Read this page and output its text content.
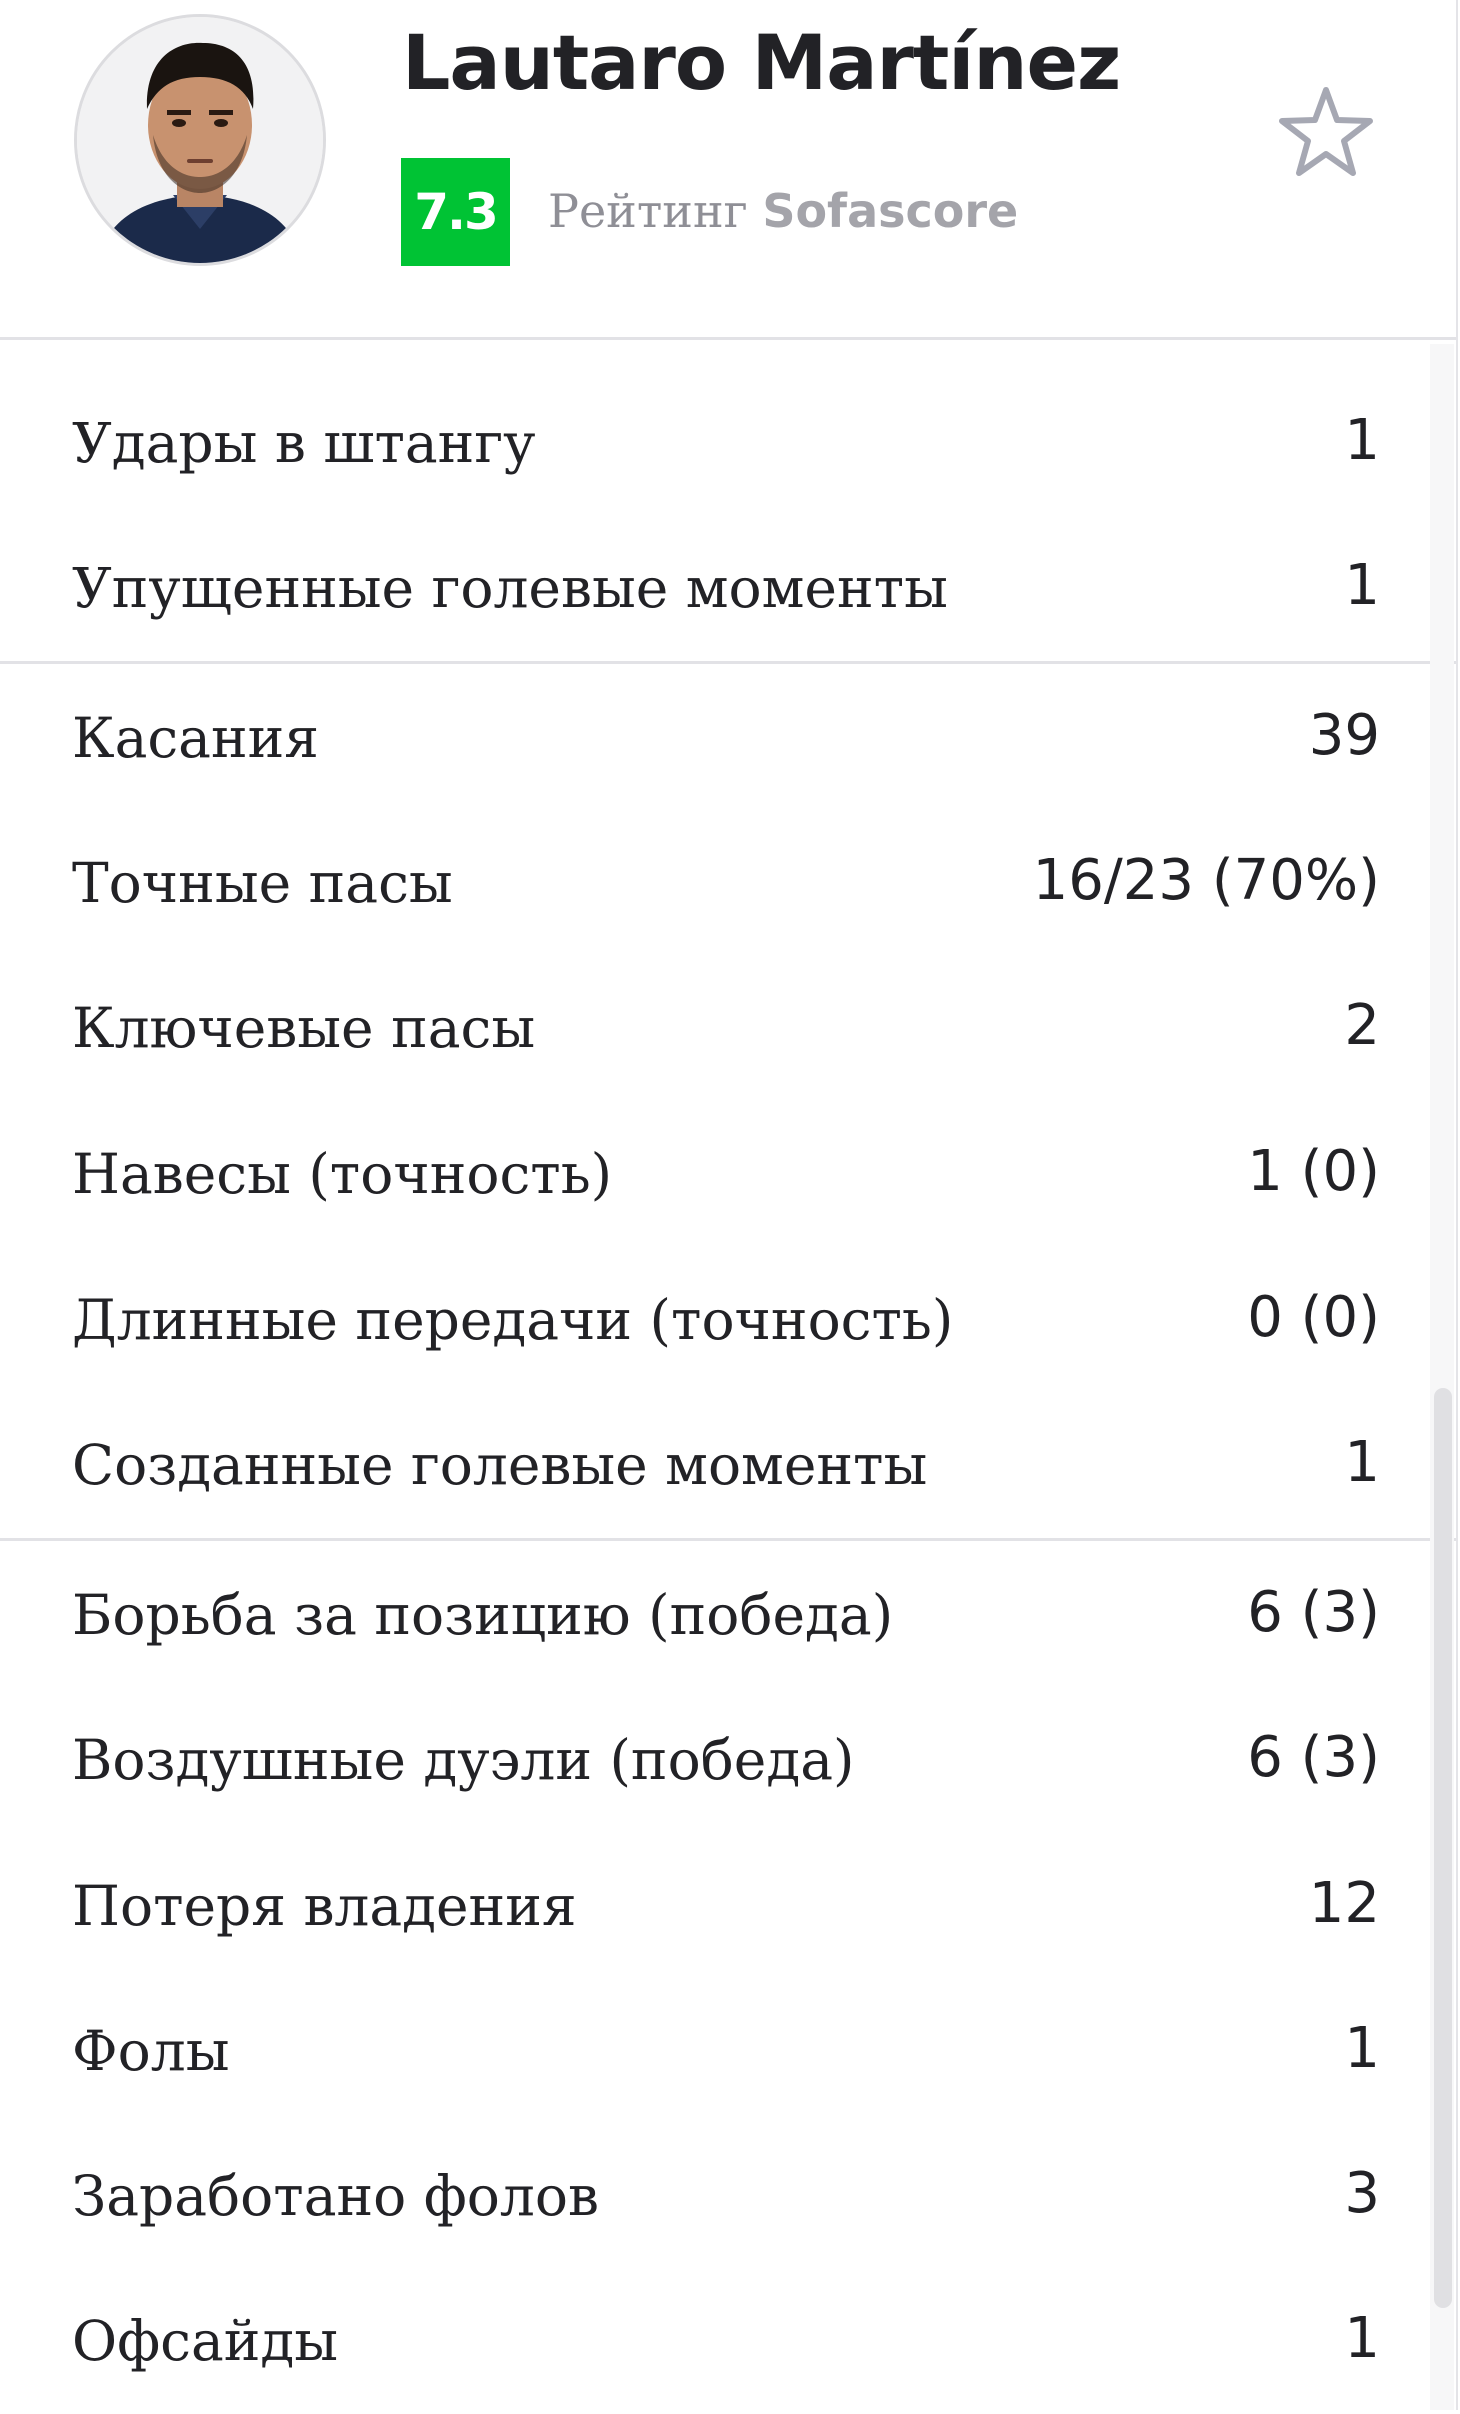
Lautaro Martínez
7.3 Рейтинг Sofascore
Удары в штангу	1
Упущенные голевые моменты	1
Касания	39
Точные пасы	16/23 (70%)
Ключевые пасы	2
Навесы (точность)	1 (0)
Длинные передачи (точность)	0 (0)
Созданные голевые моменты	1
Борьба за позицию (победа)	6 (3)
Воздушные дуэли (победа)	6 (3)
Потеря владения	12
Фолы	1
Заработано фолов	3
Офсайды	1
